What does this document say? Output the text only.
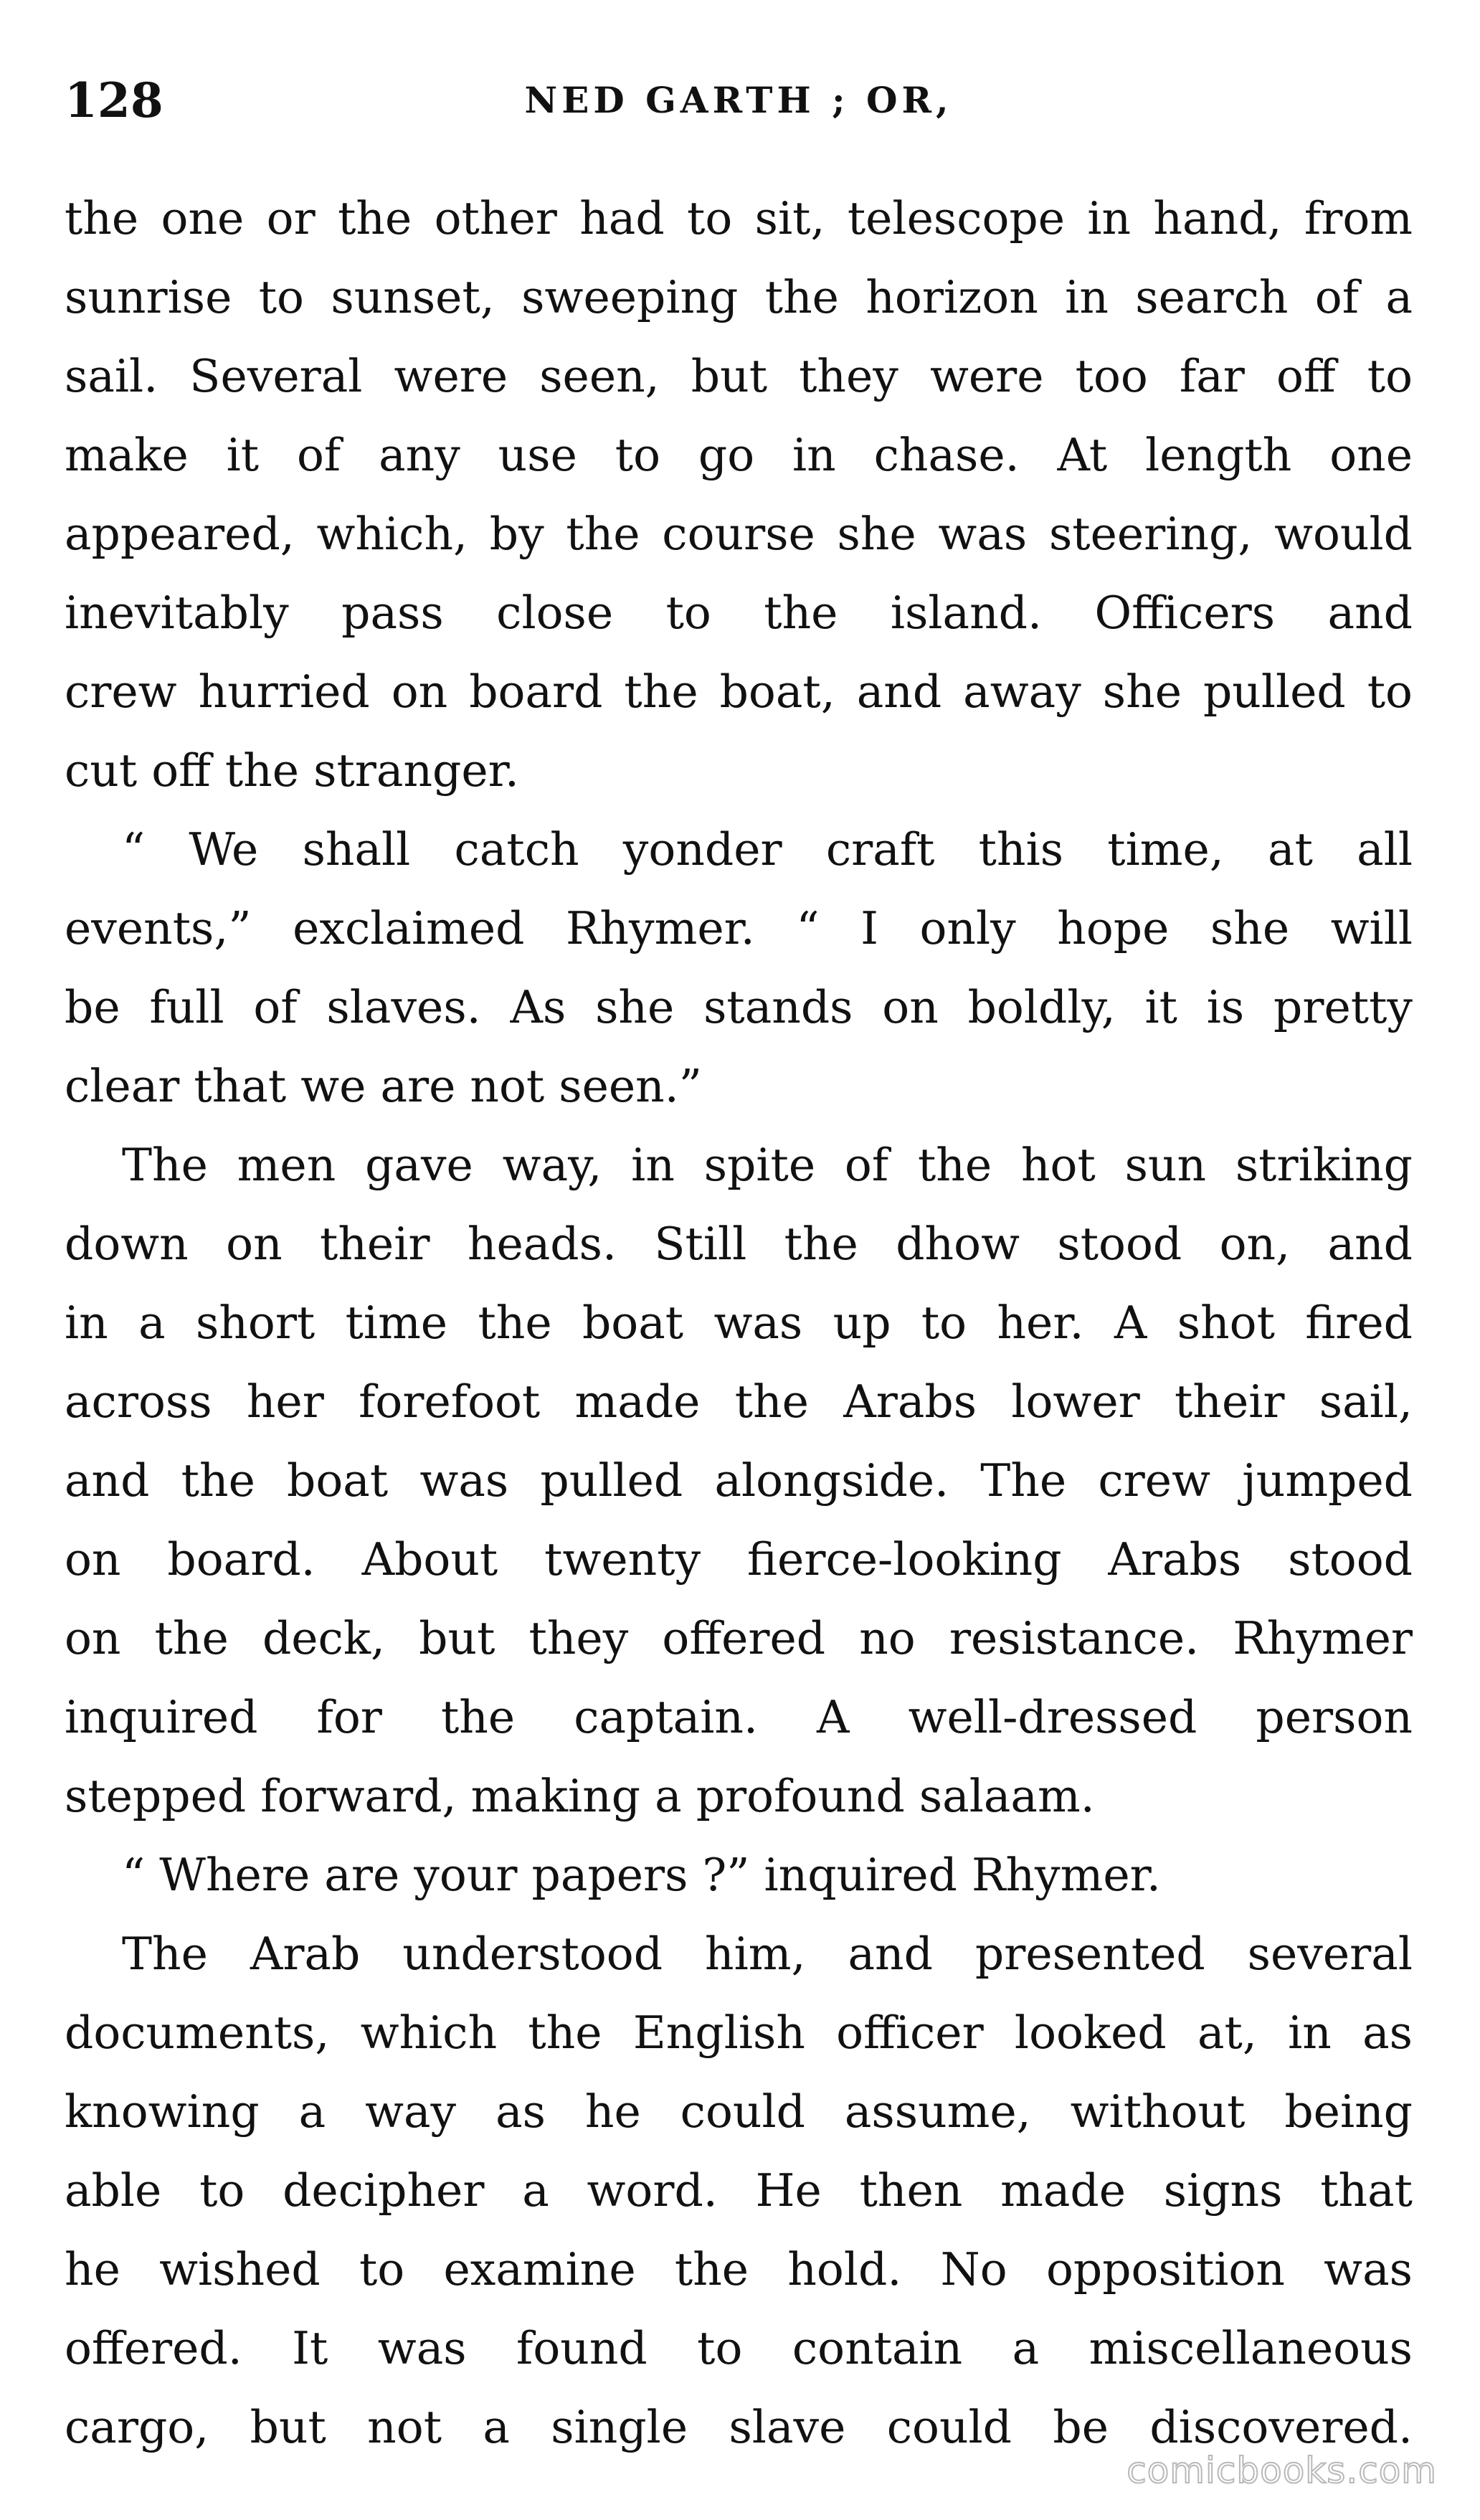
128	NED GARTH ; OR,
the one or the other had to sit, telescope in hand, from
sunrise to sunset, sweeping the horizon in search of a
sail. Several were seen, but they were too far off to
make it of any use to go in chase. At length one
appeared, which, by the course she was steering, would
inevitably pass close to the island. Officers and
crew hurried on board the boat, and away she pulled to
cut off the stranger.
“ We shall catch yonder craft this time, at all
events,” exclaimed Rhymer. “ I only hope she will
be full of slaves. As she stands on boldly, it is pretty
clear that we are not seen.”
The men gave way, in spite of the hot sun striking
down on their heads. Still the dhow stood on, and
in a short time the boat was up to her. A shot fired
across her forefoot made the Arabs lower their sail,
and the boat was pulled alongside. The crew jumped
on board. About twenty fierce-looking Arabs stood
on the deck, but they offered no resistance. Rhymer
inquired for the captain. A well-dressed person
stepped forward, making a profound salaam.
“ Where are your papers ?” inquired Rhymer.
The Arab understood him, and presented several
documents, which the English officer looked at, in as
knowing a way as he could assume, without being
able to decipher a word. He then made signs that
he wished to examine the hold. No opposition was
offered. It was found to contain a miscellaneous
cargo, but not a single slave could be discovered.
comicbooks.com
